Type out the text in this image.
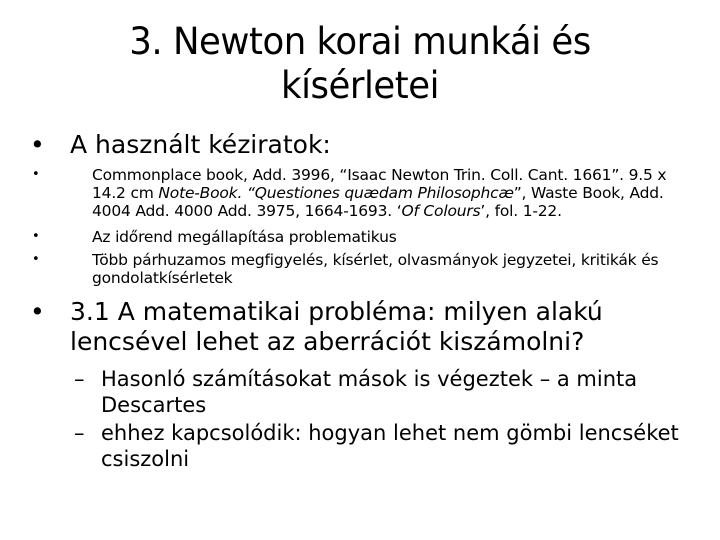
3. Newton korai munkái és
kísérletei
• A használt kéziratok:
•	Commonplace book, Add. 3996, “Isaac Newton Trin. Coll. Cant. 1661”. 9.5 x 14.2 cm Note-Book. “Questiones quædam Philosophcæ”, Waste Book, Add. 4004 Add. 4000 Add. 3975, 1664-1693. ‘Of Colours’, fol. 1-22.
•	Az időrend megállapítása problematikus
•	Több párhuzamos megfigyelés, kísérlet, olvasmányok jegyzetei, kritikák és gondolatkísérletek
• 3.1 A matematikai probléma: milyen alakú lencsével lehet az aberrációt kiszámolni?
– Hasonló számításokat mások is végeztek – a minta Descartes
– ehhez kapcsolódik: hogyan lehet nem gömbi lencséket csiszolni
